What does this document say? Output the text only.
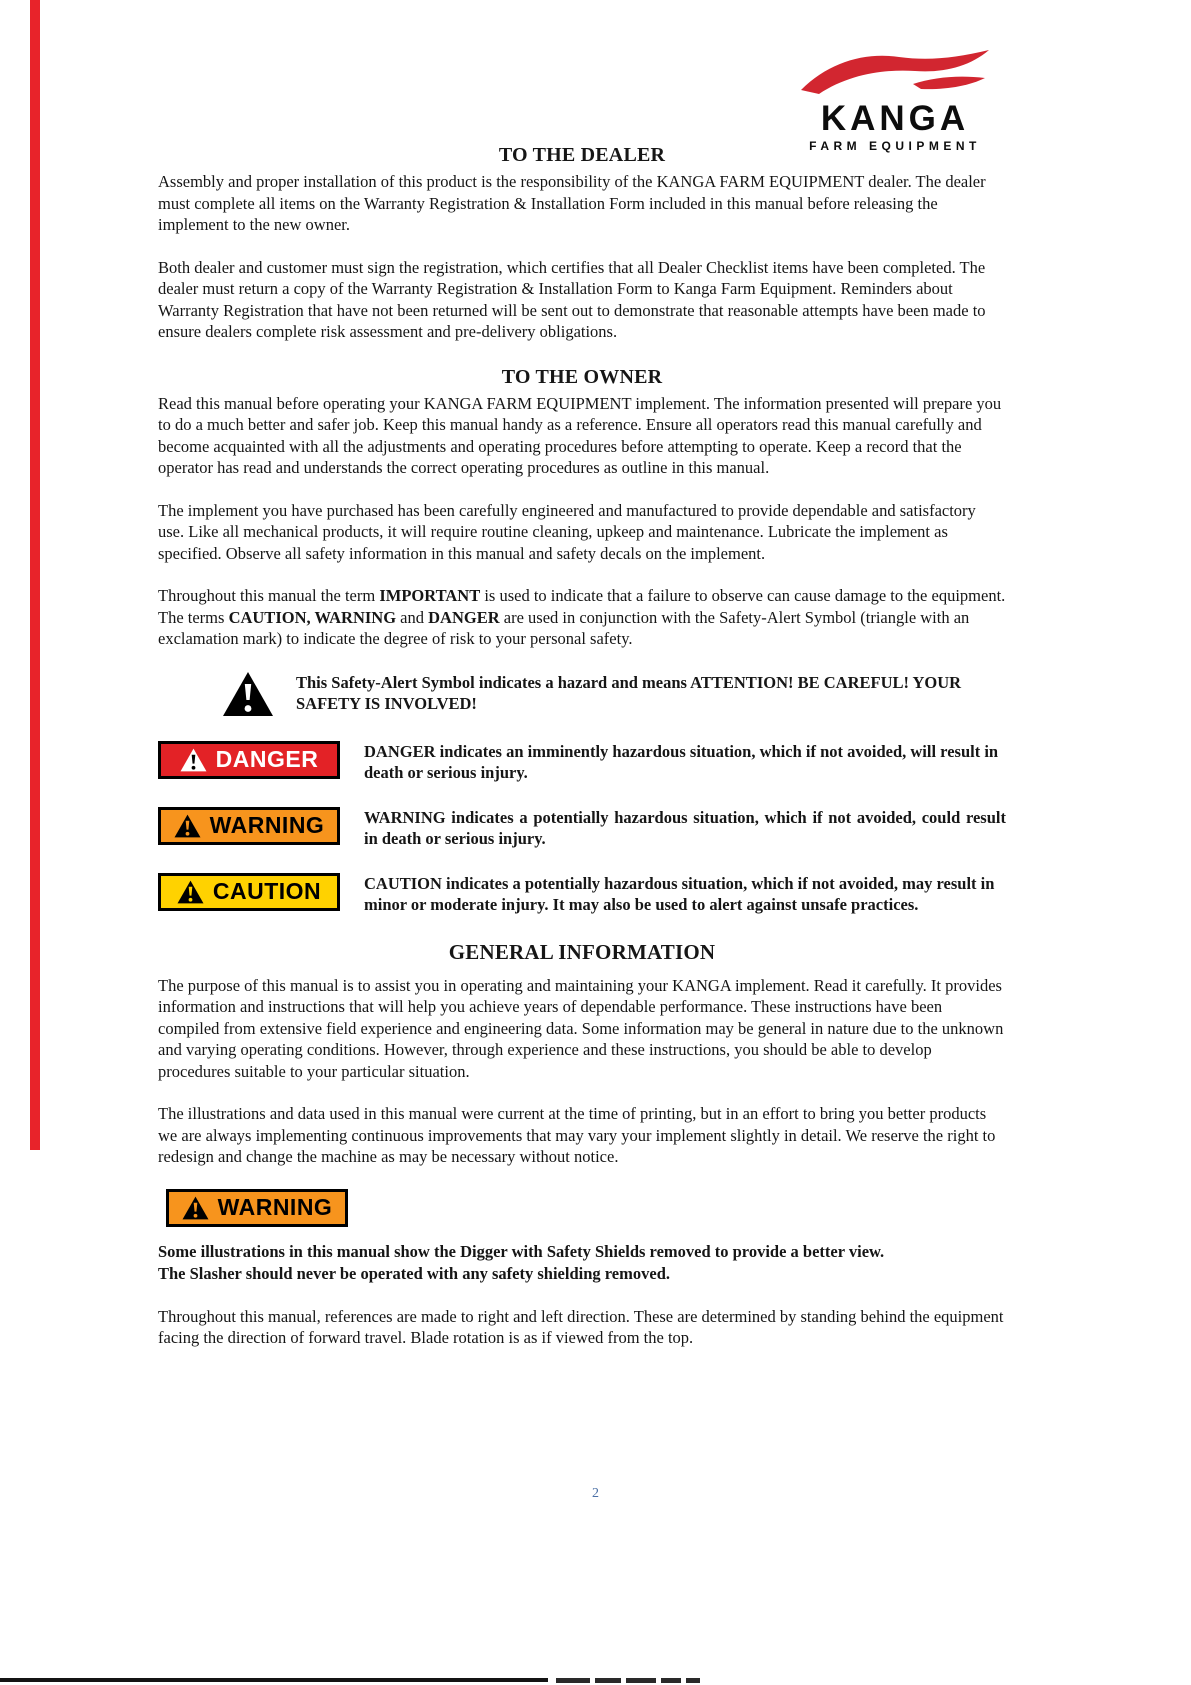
KANGA
FARM EQUIPMENT
TO THE DEALER

Assembly and proper installation of this product is the responsibility of the KANGA FARM EQUIPMENT dealer. The dealer must complete all items on the Warranty Registration & Installation Form included in this manual before releasing the implement to the new owner.

Both dealer and customer must sign the registration, which certifies that all Dealer Checklist items have been completed. The dealer must return a copy of the Warranty Registration & Installation Form to Kanga Farm Equipment. Reminders about Warranty Registration that have not been returned will be sent out to demonstrate that reasonable attempts have been made to ensure dealers complete risk assessment and pre-delivery obligations.

TO THE OWNER

Read this manual before operating your KANGA FARM EQUIPMENT implement. The information presented will prepare you to do a much better and safer job. Keep this manual handy as a reference. Ensure all operators read this manual carefully and become acquainted with all the adjustments and operating procedures before attempting to operate. Keep a record that the operator has read and understands the correct operating procedures as outline in this manual.

The implement you have purchased has been carefully engineered and manufactured to provide dependable and satisfactory use. Like all mechanical products, it will require routine cleaning, upkeep and maintenance. Lubricate the implement as specified. Observe all safety information in this manual and safety decals on the implement.

Throughout this manual the term IMPORTANT is used to indicate that a failure to observe can cause damage to the equipment. The terms CAUTION, WARNING and DANGER are used in conjunction with the Safety-Alert Symbol (triangle with an exclamation mark) to indicate the degree of risk to your personal safety.

This Safety-Alert Symbol indicates a hazard and means ATTENTION! BE CAREFUL! YOUR SAFETY IS INVOLVED!

DANGER	DANGER indicates an imminently hazardous situation, which if not avoided, will result in death or serious injury.

WARNING WARNING indicates a potentially hazardous situation, which if not avoided, could result in death or serious injury.

CAUTION	CAUTION indicates a potentially hazardous situation, which if not avoided, may result in minor or moderate injury. It may also be used to alert against unsafe practices.

GENERAL INFORMATION

The purpose of this manual is to assist you in operating and maintaining your KANGA implement. Read it carefully. It provides information and instructions that will help you achieve years of dependable performance. These instructions have been compiled from extensive field experience and engineering data. Some information may be general in nature due to the unknown and varying operating conditions. However, through experience and these instructions, you should be able to develop procedures suitable to your particular situation.

The illustrations and data used in this manual were current at the time of printing, but in an effort to bring you better products we are always implementing continuous improvements that may vary your implement slightly in detail. We reserve the right to redesign and change the machine as may be necessary without notice.

WARNING
Some illustrations in this manual show the Digger with Safety Shields removed to provide a better view.
The Slasher should never be operated with any safety shielding removed.

Throughout this manual, references are made to right and left direction. These are determined by standing behind the equipment facing the direction of forward travel. Blade rotation is as if viewed from the top.

2
